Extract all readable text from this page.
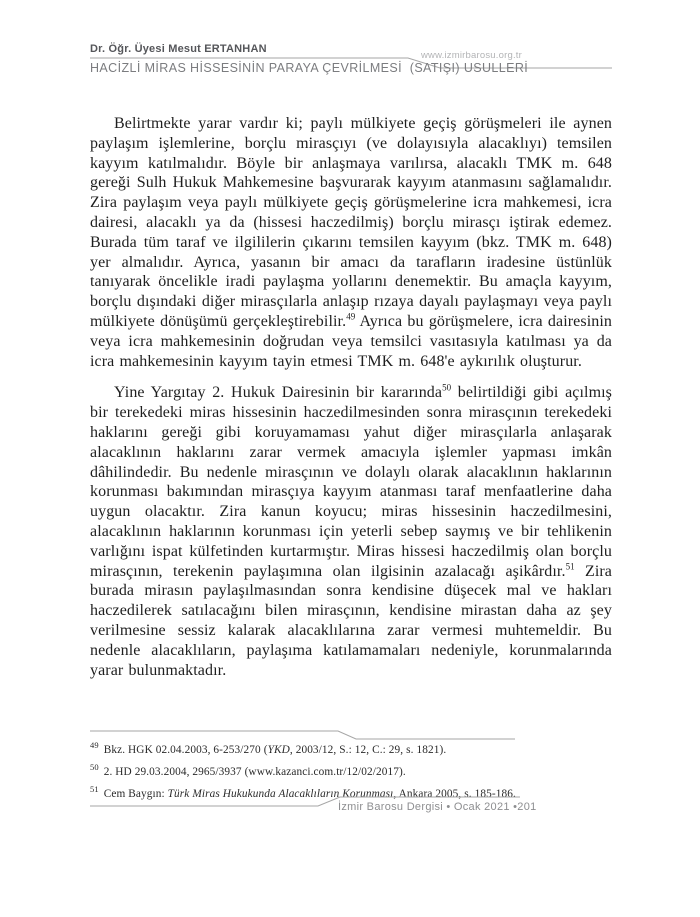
Dr. Öğr. Üyesi Mesut ERTANHAN
www.izmirbarosu.org.tr
HACİZLİ MİRAS HİSSESİNİN PARAYA ÇEVRİLMESİ  (SATIŞI) USULLERİ

Belirtmekte yarar vardır ki; paylı mülkiyete geçiş görüşmeleri ile aynen paylaşım işlemlerine, borçlu mirasçıyı (ve dolayısıyla alacaklıyı) temsilen kayyım katılmalıdır. Böyle bir anlaşmaya varılırsa, alacaklı TMK m. 648 gereği Sulh Hukuk Mahkemesine başvurarak kayyım atanmasını sağlamalıdır. Zira paylaşım veya paylı mülkiyete geçiş görüşmelerine icra mahkemesi, icra dairesi, alacaklı ya da (hissesi haczedilmiş) borçlu mirasçı iştirak edemez. Burada tüm taraf ve ilgililerin çıkarını temsilen kayyım (bkz. TMK m. 648) yer almalıdır. Ayrıca, yasanın bir amacı da tarafların iradesine üstünlük tanıyarak öncelikle iradi paylaşma yollarını denemektir. Bu amaçla kayyım, borçlu dışındaki diğer mirasçılarla anlaşıp rızaya dayalı paylaşmayı veya paylı mülkiyete dönüşümü gerçekleştirebilir.$^{49}$ Ayrıca bu görüşmelere, icra dairesinin veya icra mahkemesinin doğrudan veya temsilci vasıtasıyla katılması ya da icra mahkemesinin kayyım tayin etmesi TMK m. 648'e aykırılık oluşturur.

Yine Yargıtay 2. Hukuk Dairesinin bir kararında$^{50}$ belirtildiği gibi açılmış bir terekedeki miras hissesinin haczedilmesinden sonra mirasçının terekedeki haklarını gereği gibi koruyamaması yahut diğer mirasçılarla anlaşarak alacaklının haklarını zarar vermek amacıyla işlemler yapması imkân dâhilindedir. Bu nedenle mirasçının ve dolaylı olarak alacaklının haklarının korunması bakımından mirasçıya kayyım atanması taraf menfaatlerine daha uygun olacaktır. Zira kanun koyucu; miras hissesinin haczedilmesini, alacaklının haklarının korunması için yeterli sebep saymış ve bir tehlikenin varlığını ispat külfetinden kurtarmıştır. Miras hissesi haczedilmiş olan borçlu mirasçının, terekenin paylaşımına olan ilgisinin azalacağı aşikârdır.$^{51}$ Zira burada mirasın paylaşılmasından sonra kendisine düşecek mal ve hakları haczedilerek satılacağını bilen mirasçının, kendisine mirastan daha az şey verilmesine sessiz kalarak alacaklılarına zarar vermesi muhtemeldir. Bu nedenle alacaklıların, paylaşıma katılamamaları nedeniyle, korunmalarında yarar bulunmaktadır.

$^{49}$ Bkz. HGK 02.04.2003, 6-253/270 (YKD, 2003/12, S.: 12, C.: 29, s. 1821).
$^{50}$ 2. HD 29.03.2004, 2965/3937 (www.kazanci.com.tr/12/02/2017).
$^{51}$ Cem Baygın: Türk Miras Hukukunda Alacaklıların Korunması, Ankara 2005, s. 185-186.
İzmir Barosu Dergisi • Ocak 2021 • 201
